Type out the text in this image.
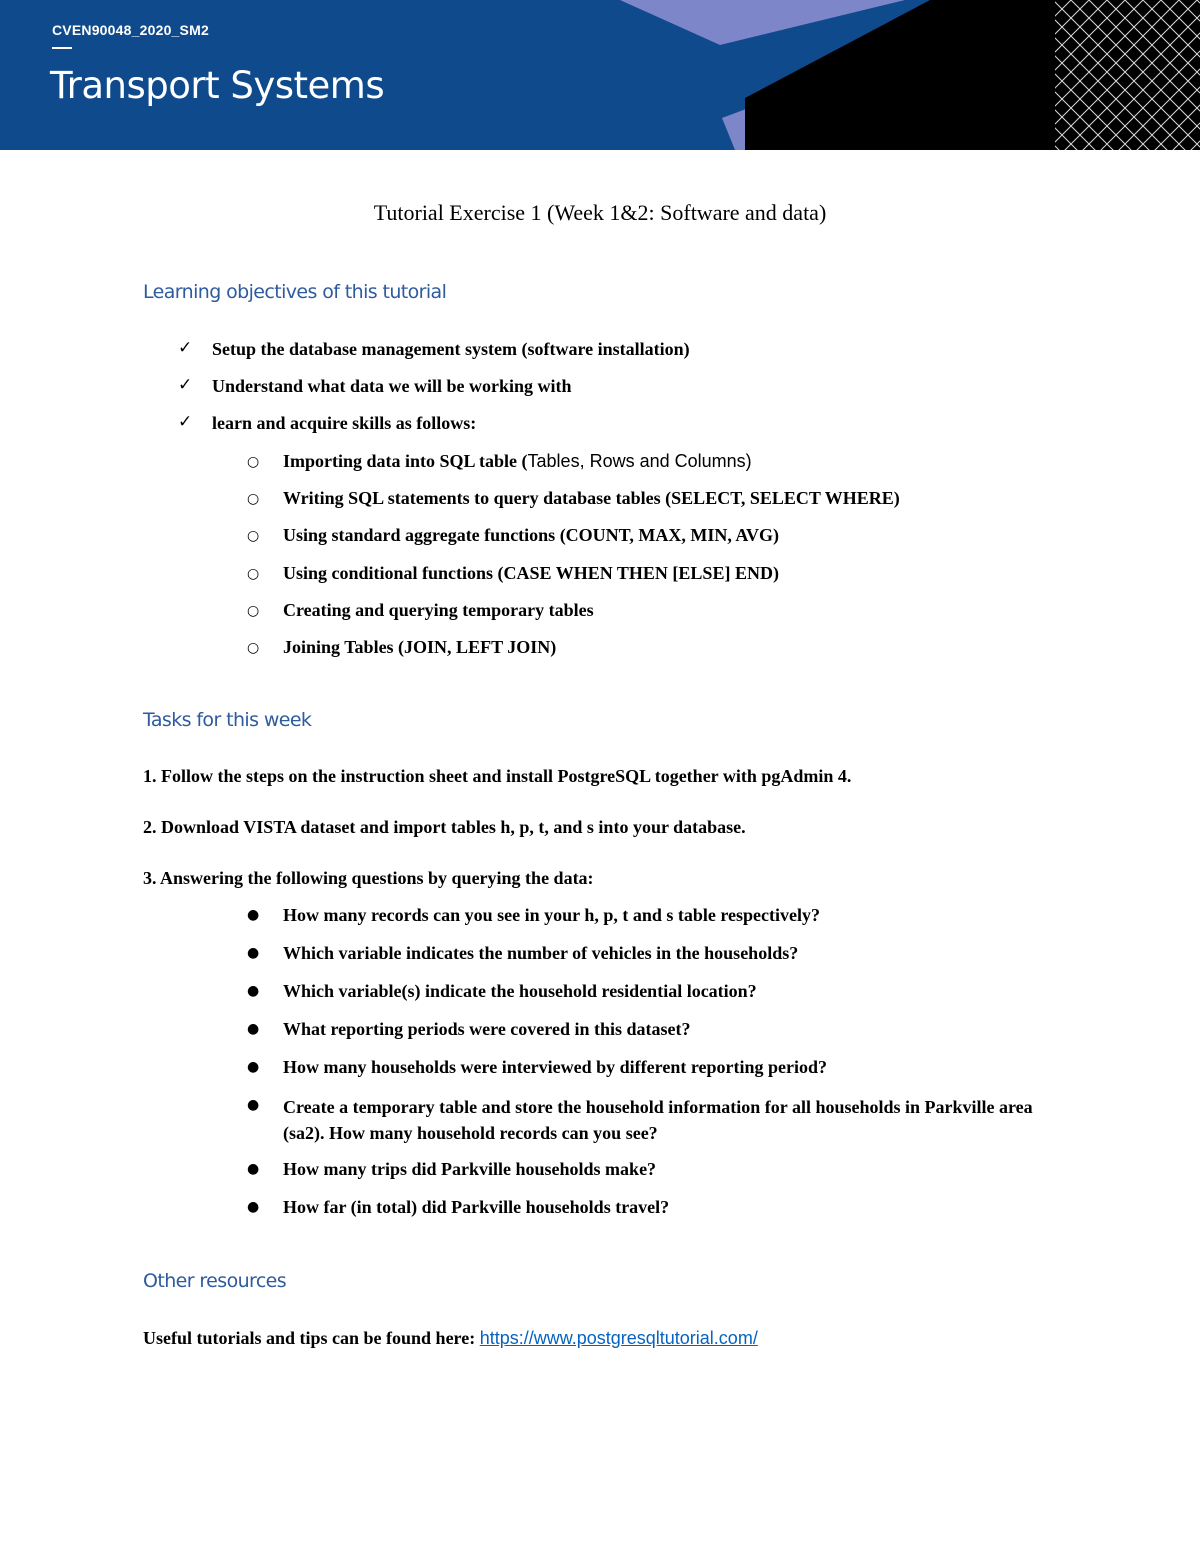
CVEN90048_2020_SM2
Transport Systems
Tutorial Exercise 1 (Week 1&2: Software and data)
Learning objectives of this tutorial
✓ Setup the database management system (software installation)
✓ Understand what data we will be working with
✓ learn and acquire skills as follows:
○ Importing data into SQL table (Tables, Rows and Columns)
○ Writing SQL statements to query database tables (SELECT, SELECT WHERE)
○ Using standard aggregate functions (COUNT, MAX, MIN, AVG)
○ Using conditional functions (CASE WHEN THEN [ELSE] END)
○ Creating and querying temporary tables
○ Joining Tables (JOIN, LEFT JOIN)
Tasks for this week
1. Follow the steps on the instruction sheet and install PostgreSQL together with pgAdmin 4.
2. Download VISTA dataset and import tables h, p, t, and s into your database.
3. Answering the following questions by querying the data:
● How many records can you see in your h, p, t and s table respectively?
● Which variable indicates the number of vehicles in the households?
● Which variable(s) indicate the household residential location?
● What reporting periods were covered in this dataset?
● How many households were interviewed by different reporting period?
● Create a temporary table and store the household information for all households in Parkville area (sa2). How many household records can you see?
● How many trips did Parkville households make?
● How far (in total) did Parkville households travel?
Other resources
Useful tutorials and tips can be found here: https://www.postgresqltutorial.com/
